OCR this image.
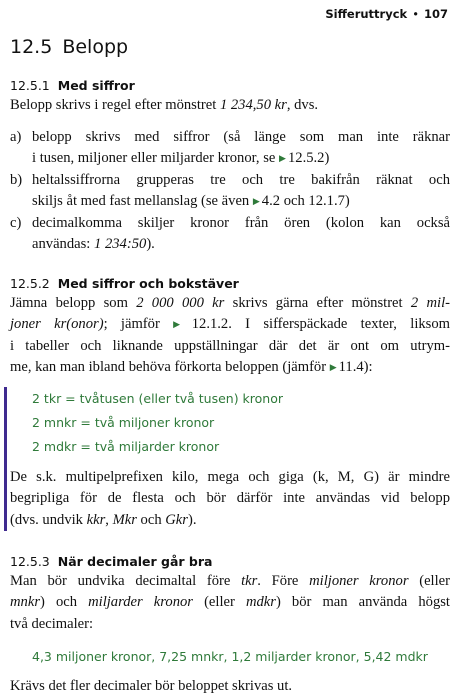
Sifferuttryck • 107
12.5 Belopp
12.5.1 Med siffror
Belopp skrivs i regel efter mönstret 1 234,50 kr, dvs.
a) belopp skrivs med siffror (så länge som man inte räknar
i tusen, miljoner eller miljarder kronor, se ▶ 12.5.2)
b) heltalssiffrorna grupperas tre och tre bakifrån räknat och
skiljs åt med fast mellanslag (se även ▶ 4.2 och 12.1.7)
c) decimalkomma skiljer kronor från ören (kolon kan också
användas: 1 234:50).
12.5.2 Med siffror och bokstäver
Jämna belopp som 2 000 000 kr skrivs gärna efter mönstret 2 mil-
joner kr(onor); jämför ▶ 12.1.2. I sifferspäckade texter, liksom
i tabeller och liknande uppställningar där det är ont om utrym-
me, kan man ibland behöva förkorta beloppen (jämför ▶ 11.4):
2 tkr = tvåtusen (eller två tusen) kronor
2 mnkr = två miljoner kronor
2 mdkr = två miljarder kronor
De s.k. multipelprefixen kilo, mega och giga (k, M, G) är mindre
begripliga för de flesta och bör därför inte användas vid belopp
(dvs. undvik kkr, Mkr och Gkr).
12.5.3 När decimaler går bra
Man bör undvika decimaltal före tkr. Före miljoner kronor (eller
mnkr) och miljarder kronor (eller mdkr) bör man använda högst
två decimaler:
4,3 miljoner kronor, 7,25 mnkr, 1,2 miljarder kronor, 5,42 mdkr
Krävs det fler decimaler bör beloppet skrivas ut.
